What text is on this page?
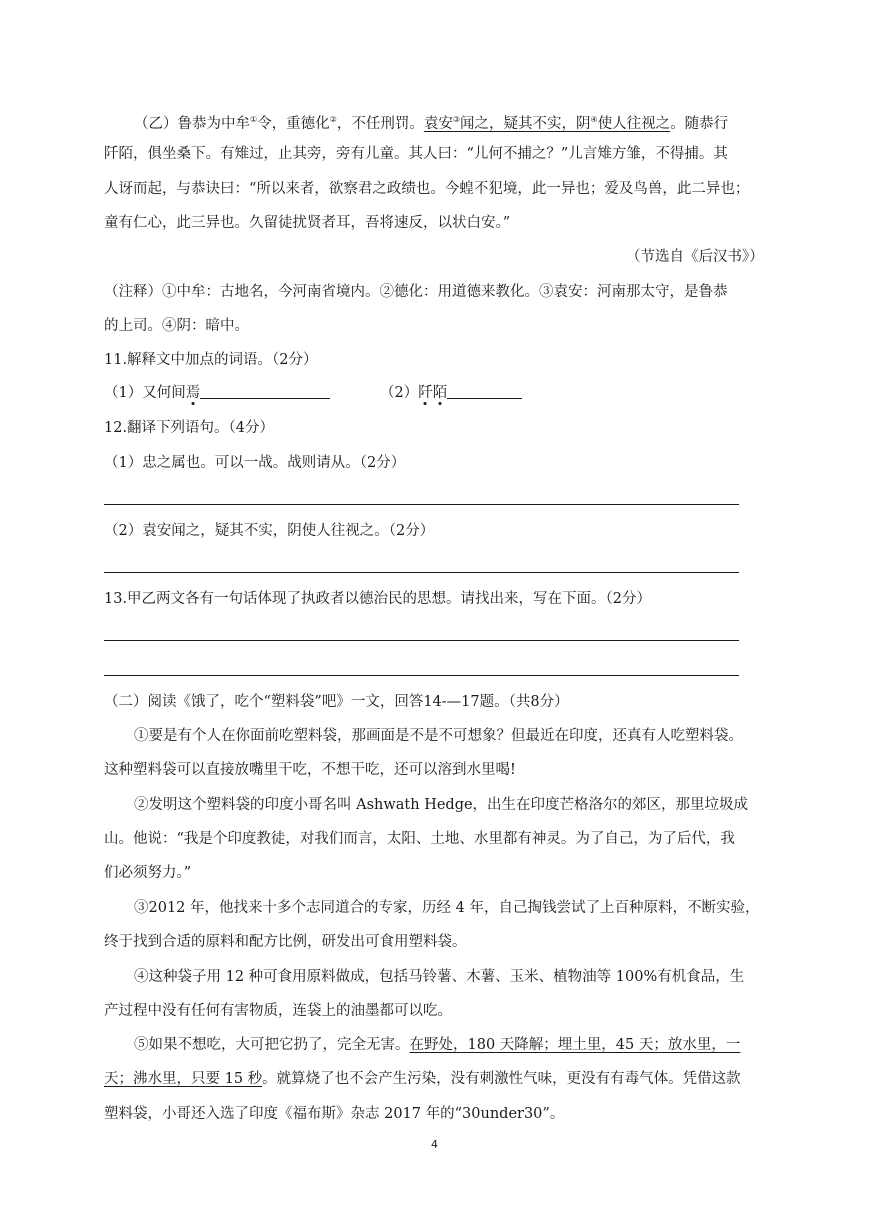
（乙）鲁恭为中牟①令，重德化②，不任刑罚。袁安③闻之，疑其不实，阴④使人往视之。随恭行
阡陌，俱坐桑下。有雉过，止其旁，旁有儿童。其人曰：“儿何不捕之？”儿言雉方雏，不得捕。其
人讶而起，与恭诀曰：“所以来者，欲察君之政绩也。今蝗不犯境，此一异也；爱及鸟兽，此二异也；
童有仁心，此三异也。久留徒扰贤者耳，吾将速反，以状白安。”
（节选自《后汉书》）
（注释）①中牟：古地名，今河南省境内。②德化：用道德来教化。③袁安：河南那太守，是鲁恭
的上司。④阴：暗中。
11.解释文中加点的词语。（2分）
（1）又何间焉	（2）阡陌
12.翻译下列语句。（4分）
（1）忠之属也。可以一战。战则请从。（2分）
（2）袁安闻之，疑其不实，阴使人往视之。（2分）
13.甲乙两文各有一句话体现了执政者以德治民的思想。请找出来，写在下面。（2分）
（二）阅读《饿了，吃个“塑料袋”吧》一文，回答14-—17题。（共8分）
①要是有个人在你面前吃塑料袋，那画面是不是不可想象？但最近在印度，还真有人吃塑料袋。
这种塑料袋可以直接放嘴里干吃，不想干吃，还可以溶到水里喝!
②发明这个塑料袋的印度小哥名叫 Ashwath Hedge，出生在印度芒格洛尔的郊区，那里垃圾成
山。他说：“我是个印度教徒，对我们而言，太阳、土地、水里都有神灵。为了自己，为了后代，我
们必须努力。”
③2012 年，他找来十多个志同道合的专家，历经 4 年，自己掏钱尝试了上百种原料，不断实验，
终于找到合适的原料和配方比例，研发出可食用塑料袋。
④这种袋子用 12 种可食用原料做成，包括马铃薯、木薯、玉米、植物油等 100%有机食品，生
产过程中没有任何有害物质，连袋上的油墨都可以吃。
⑤如果不想吃，大可把它扔了，完全无害。在野处，180 天降解；埋土里，45 天；放水里，一
天；沸水里，只要 15 秒。就算烧了也不会产生污染，没有刺激性气味，更没有有毒气体。凭借这款
塑料袋，小哥还入选了印度《福布斯》杂志 2017 年的“30under30”。
4
